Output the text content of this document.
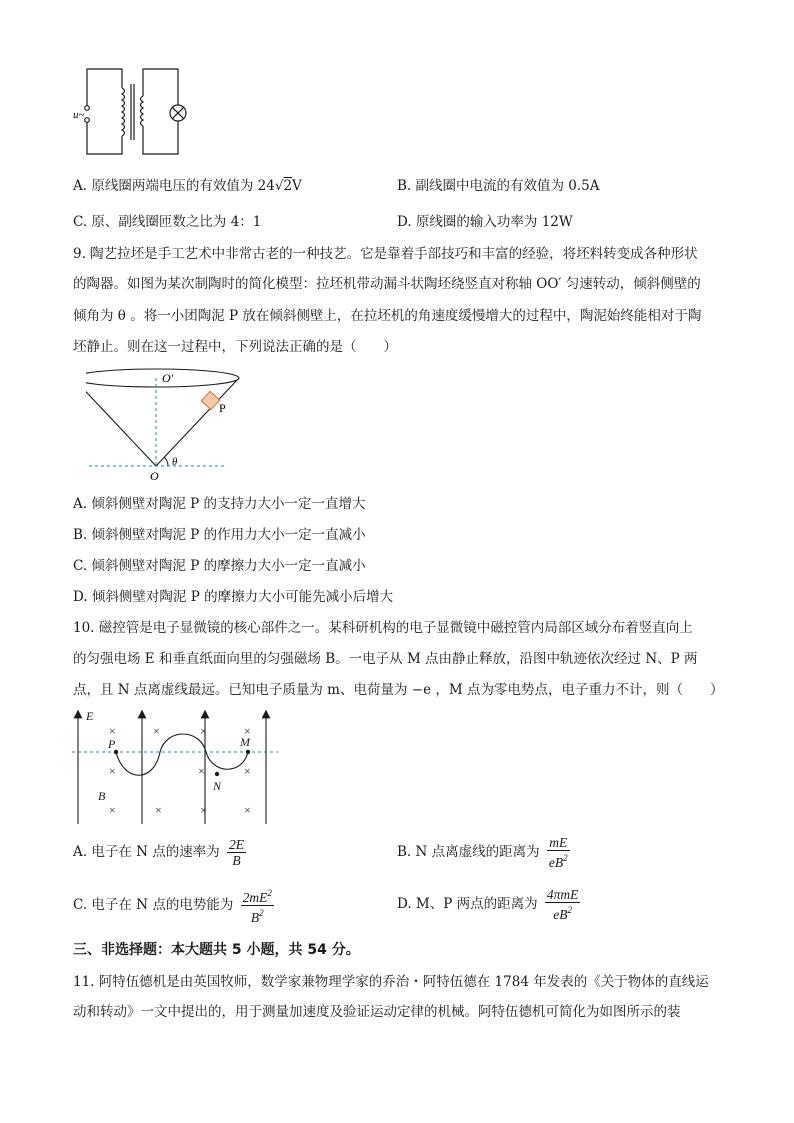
u~
A. 原线圈两端电压的有效值为 24√2V	B. 副线圈中电流的有效值为 0.5A
C. 原、副线圈匝数之比为 4：1	D. 原线圈的输入功率为 12W
9. 陶艺拉坯是手工艺术中非常古老的一种技艺。它是靠着手部技巧和丰富的经验，将坯料转变成各种形状
的陶器。如图为某次制陶时的简化模型：拉坯机带动漏斗状陶坯绕竖直对称轴 OO′ 匀速转动，倾斜侧壁的
倾角为 θ 。将一小团陶泥 P 放在倾斜侧壁上，在拉坯机的角速度缓慢增大的过程中，陶泥始终能相对于陶
坯静止。则在这一过程中，下列说法正确的是（　　）
O′
O
P
θ
A. 倾斜侧壁对陶泥 P 的支持力大小一定一直增大
B. 倾斜侧壁对陶泥 P 的作用力大小一定一直减小
C. 倾斜侧壁对陶泥 P 的摩擦力大小一定一直减小
D. 倾斜侧壁对陶泥 P 的摩擦力大小可能先减小后增大
10. 磁控管是电子显微镜的核心部件之一。某科研机构的电子显微镜中磁控管内局部区域分布着竖直向上
的匀强电场 E 和垂直纸面向里的匀强磁场 B。一电子从 M 点由静止释放，沿图中轨迹依次经过 N、P 两
点，且 N 点离虚线最远。已知电子质量为 m、电荷量为 −e ，M 点为零电势点，电子重力不计，则（　　）
E
B
P	M
N
×	×	×	×
×	×	×
×	×	×	×
A. 电子在 N 点的速率为 $\frac{2E}{B}$	B. N 点离虚线的距离为 $\frac{mE}{eB^2}$
C. 电子在 N 点的电势能为 $\frac{2mE^2}{B^2}$	D. M、P 两点的距离为 $\frac{\text{4πmE}}{eB^2}$
三、非选择题：本大题共 5 小题，共 54 分。
11. 阿特伍德机是由英国牧师，数学家兼物理学家的乔治・阿特伍德在 1784 年发表的《关于物体的直线运
动和转动》一文中提出的，用于测量加速度及验证运动定律的机械。阿特伍德机可简化为如图所示的装
